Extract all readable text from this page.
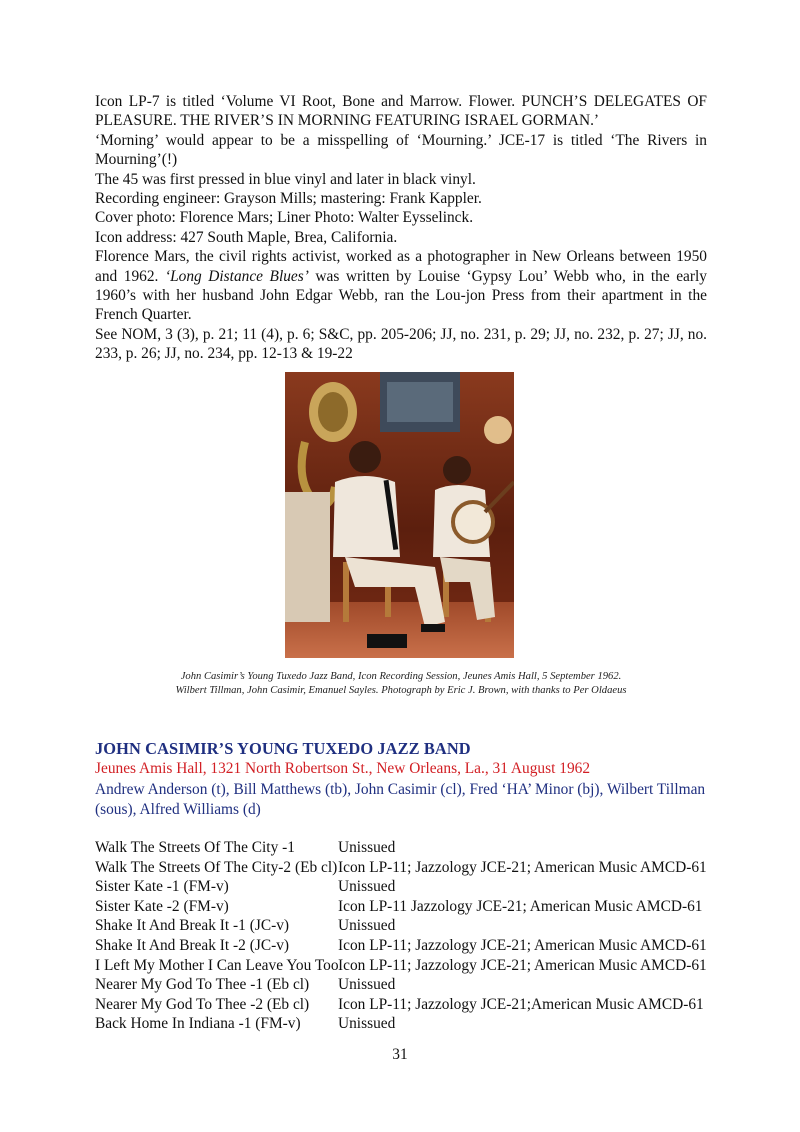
Icon LP-7 is titled ‘Volume VI Root, Bone and Marrow. Flower. PUNCH’S DELEGATES OF PLEASURE. THE RIVER’S IN MORNING FEATURING ISRAEL GORMAN.’

‘Morning’ would appear to be a misspelling of ‘Mourning.’ JCE-17 is titled ‘The Rivers in Mourning’(!)

The 45 was first pressed in blue vinyl and later in black vinyl.

Recording engineer: Grayson Mills; mastering: Frank Kappler.

Cover photo: Florence Mars; Liner Photo: Walter Eysselinck.

Icon address: 427 South Maple, Brea, California.

Florence Mars, the civil rights activist, worked as a photographer in New Orleans between 1950 and 1962. ‘Long Distance Blues’ was written by Louise ‘Gypsy Lou’ Webb who, in the early 1960’s with her husband John Edgar Webb, ran the Lou-jon Press from their apartment in the French Quarter.

See NOM, 3 (3), p. 21; 11 (4), p. 6; S&C, pp. 205-206; JJ, no. 231, p. 29; JJ, no. 232, p. 27; JJ, no. 233, p. 26; JJ, no. 234, pp. 12-13 & 19-22

John Casimir’s Young Tuxedo Jazz Band, Icon Recording Session, Jeunes Amis Hall, 5 September 1962.
Wilbert Tillman, John Casimir, Emanuel Sayles. Photograph by Eric J. Brown, with thanks to Per Oldaeus
JOHN CASIMIR’S YOUNG TUXEDO JAZZ BAND
Jeunes Amis Hall, 1321 North Robertson St., New Orleans, La., 31 August 1962
Andrew Anderson (t), Bill Matthews (tb), John Casimir (cl), Fred ‘HA’ Minor (bj), Wilbert Tillman (sous), Alfred Williams (d)
Walk The Streets Of The City -1	Unissued
Walk The Streets Of The City-2 (Eb cl) Icon LP-11; Jazzology JCE-21; American Music AMCD-61
Sister Kate -1 (FM-v)	Unissued
Sister Kate -2 (FM-v)	Icon LP-11 Jazzology JCE-21; American Music AMCD-61
Shake It And Break It -1 (JC-v)	Unissued
Shake It And Break It -2 (JC-v)	Icon LP-11; Jazzology JCE-21; American Music AMCD-61
I Left My Mother I Can Leave You Too Icon LP-11; Jazzology JCE-21; American Music AMCD-61
Nearer My God To Thee -1 (Eb cl)	Unissued
Nearer My God To Thee -2 (Eb cl)	Icon LP-11; Jazzology JCE-21;American Music AMCD-61
Back Home In Indiana -1 (FM-v)	Unissued
31
